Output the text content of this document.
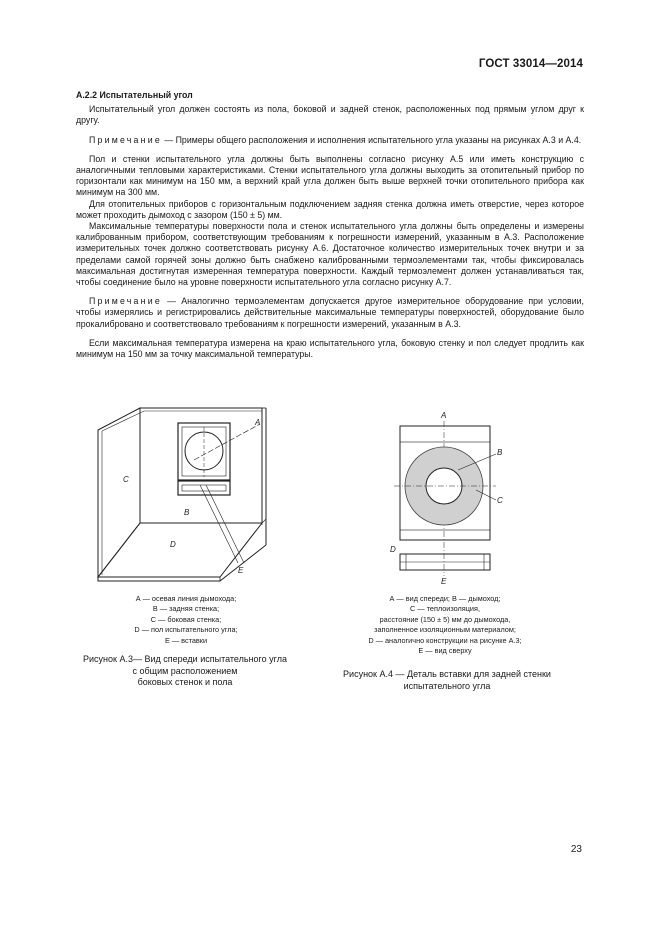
ГОСТ 33014—2014

А.2.2 Испытательный угол

Испытательный угол должен состоять из пола, боковой и задней стенок, расположенных под прямым углом друг к другу.

Примечание — Примеры общего расположения и исполнения испытательного угла указаны на рисунках А.3 и А.4.

Пол и стенки испытательного угла должны быть выполнены согласно рисунку А.5 или иметь конструкцию с аналогичными тепловыми характеристиками. Стенки испытательного угла должны выходить за отопительный прибор по горизонтали как минимум на 150 мм, а верхний край угла должен быть выше верхней точки отопительного прибора как минимум на 300 мм.

Для отопительных приборов с горизонтальным подключением задняя стенка должна иметь отверстие, через которое может проходить дымоход с зазором (150 ± 5) мм.

Максимальные температуры поверхности пола и стенок испытательного угла должны быть определены и измерены калиброванным прибором, соответствующим требованиям к погрешности измерений, указанным в А.3. Расположение измерительных точек должно соответствовать рисунку А.6. Достаточное количество измерительных точек внутри и за пределами самой горячей зоны должно быть снабжено калиброванными термоэлементами так, чтобы фиксировалась максимальная достигнутая измеренная температура поверхности. Каждый термоэлемент должен устанавливаться так, чтобы соединение было на уровне поверхности испытательного угла согласно рисунку А.7.

Примечание — Аналогично термоэлементам допускается другое измерительное оборудование при условии, чтобы измерялись и регистрировались действительные максимальные температуры поверхностей, оборудование было прокалибровано и соответствовало требованиям к погрешности измерений, указанным в А.3.

Если максимальная температура измерена на краю испытательного угла, боковую стенку и пол следует продлить как минимум на 150 мм за точку максимальной температуры.

А
В
С
D
Е
А — осевая линия дымохода;
В — задняя стенка;
С — боковая стенка;
D — пол испытательного угла;
Е — вставки
Рисунок А.3— Вид спереди испытательного угла
с общим расположением
боковых стенок и пола
А
В
С
D
Е
А — вид спереди; В — дымоход;
С — теплоизоляция,
расстояние (150 ± 5) мм до дымохода,
заполненное изоляционным материалом;
D — аналогично конструкции на рисунке А.3;
Е — вид сверху
Рисунок А.4 — Деталь вставки для задней стенки
испытательного угла
23
